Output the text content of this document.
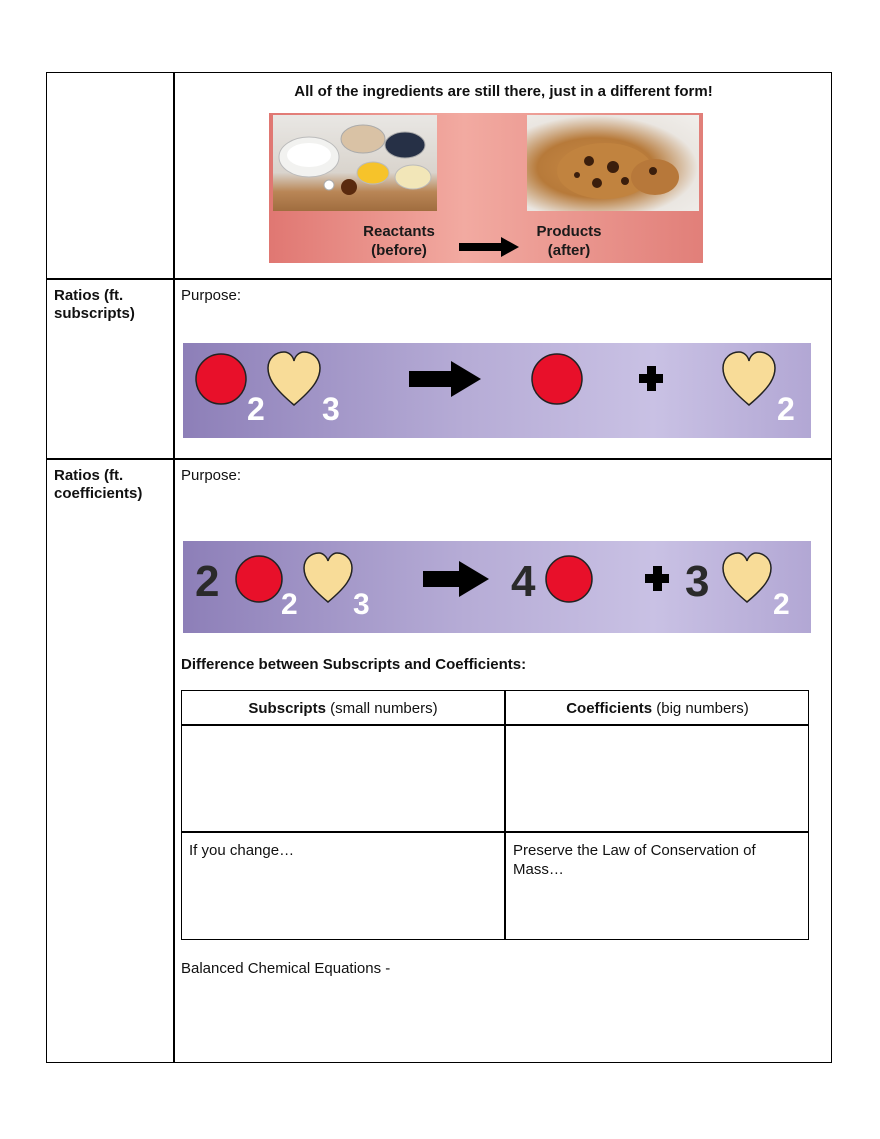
All of the ingredients are still there, just in a different form!
Reactants
(before)
Products
(after)
Ratios (ft. subscripts)
Purpose:
2 3	2
Ratios (ft. coefficients)
Purpose:
2 2 3	4	3 2
Difference between Subscripts and Coefficients:
Subscripts (small numbers)	Coefficients (big numbers)
If you change…	Preserve the Law of Conservation of Mass…
Balanced Chemical Equations -
